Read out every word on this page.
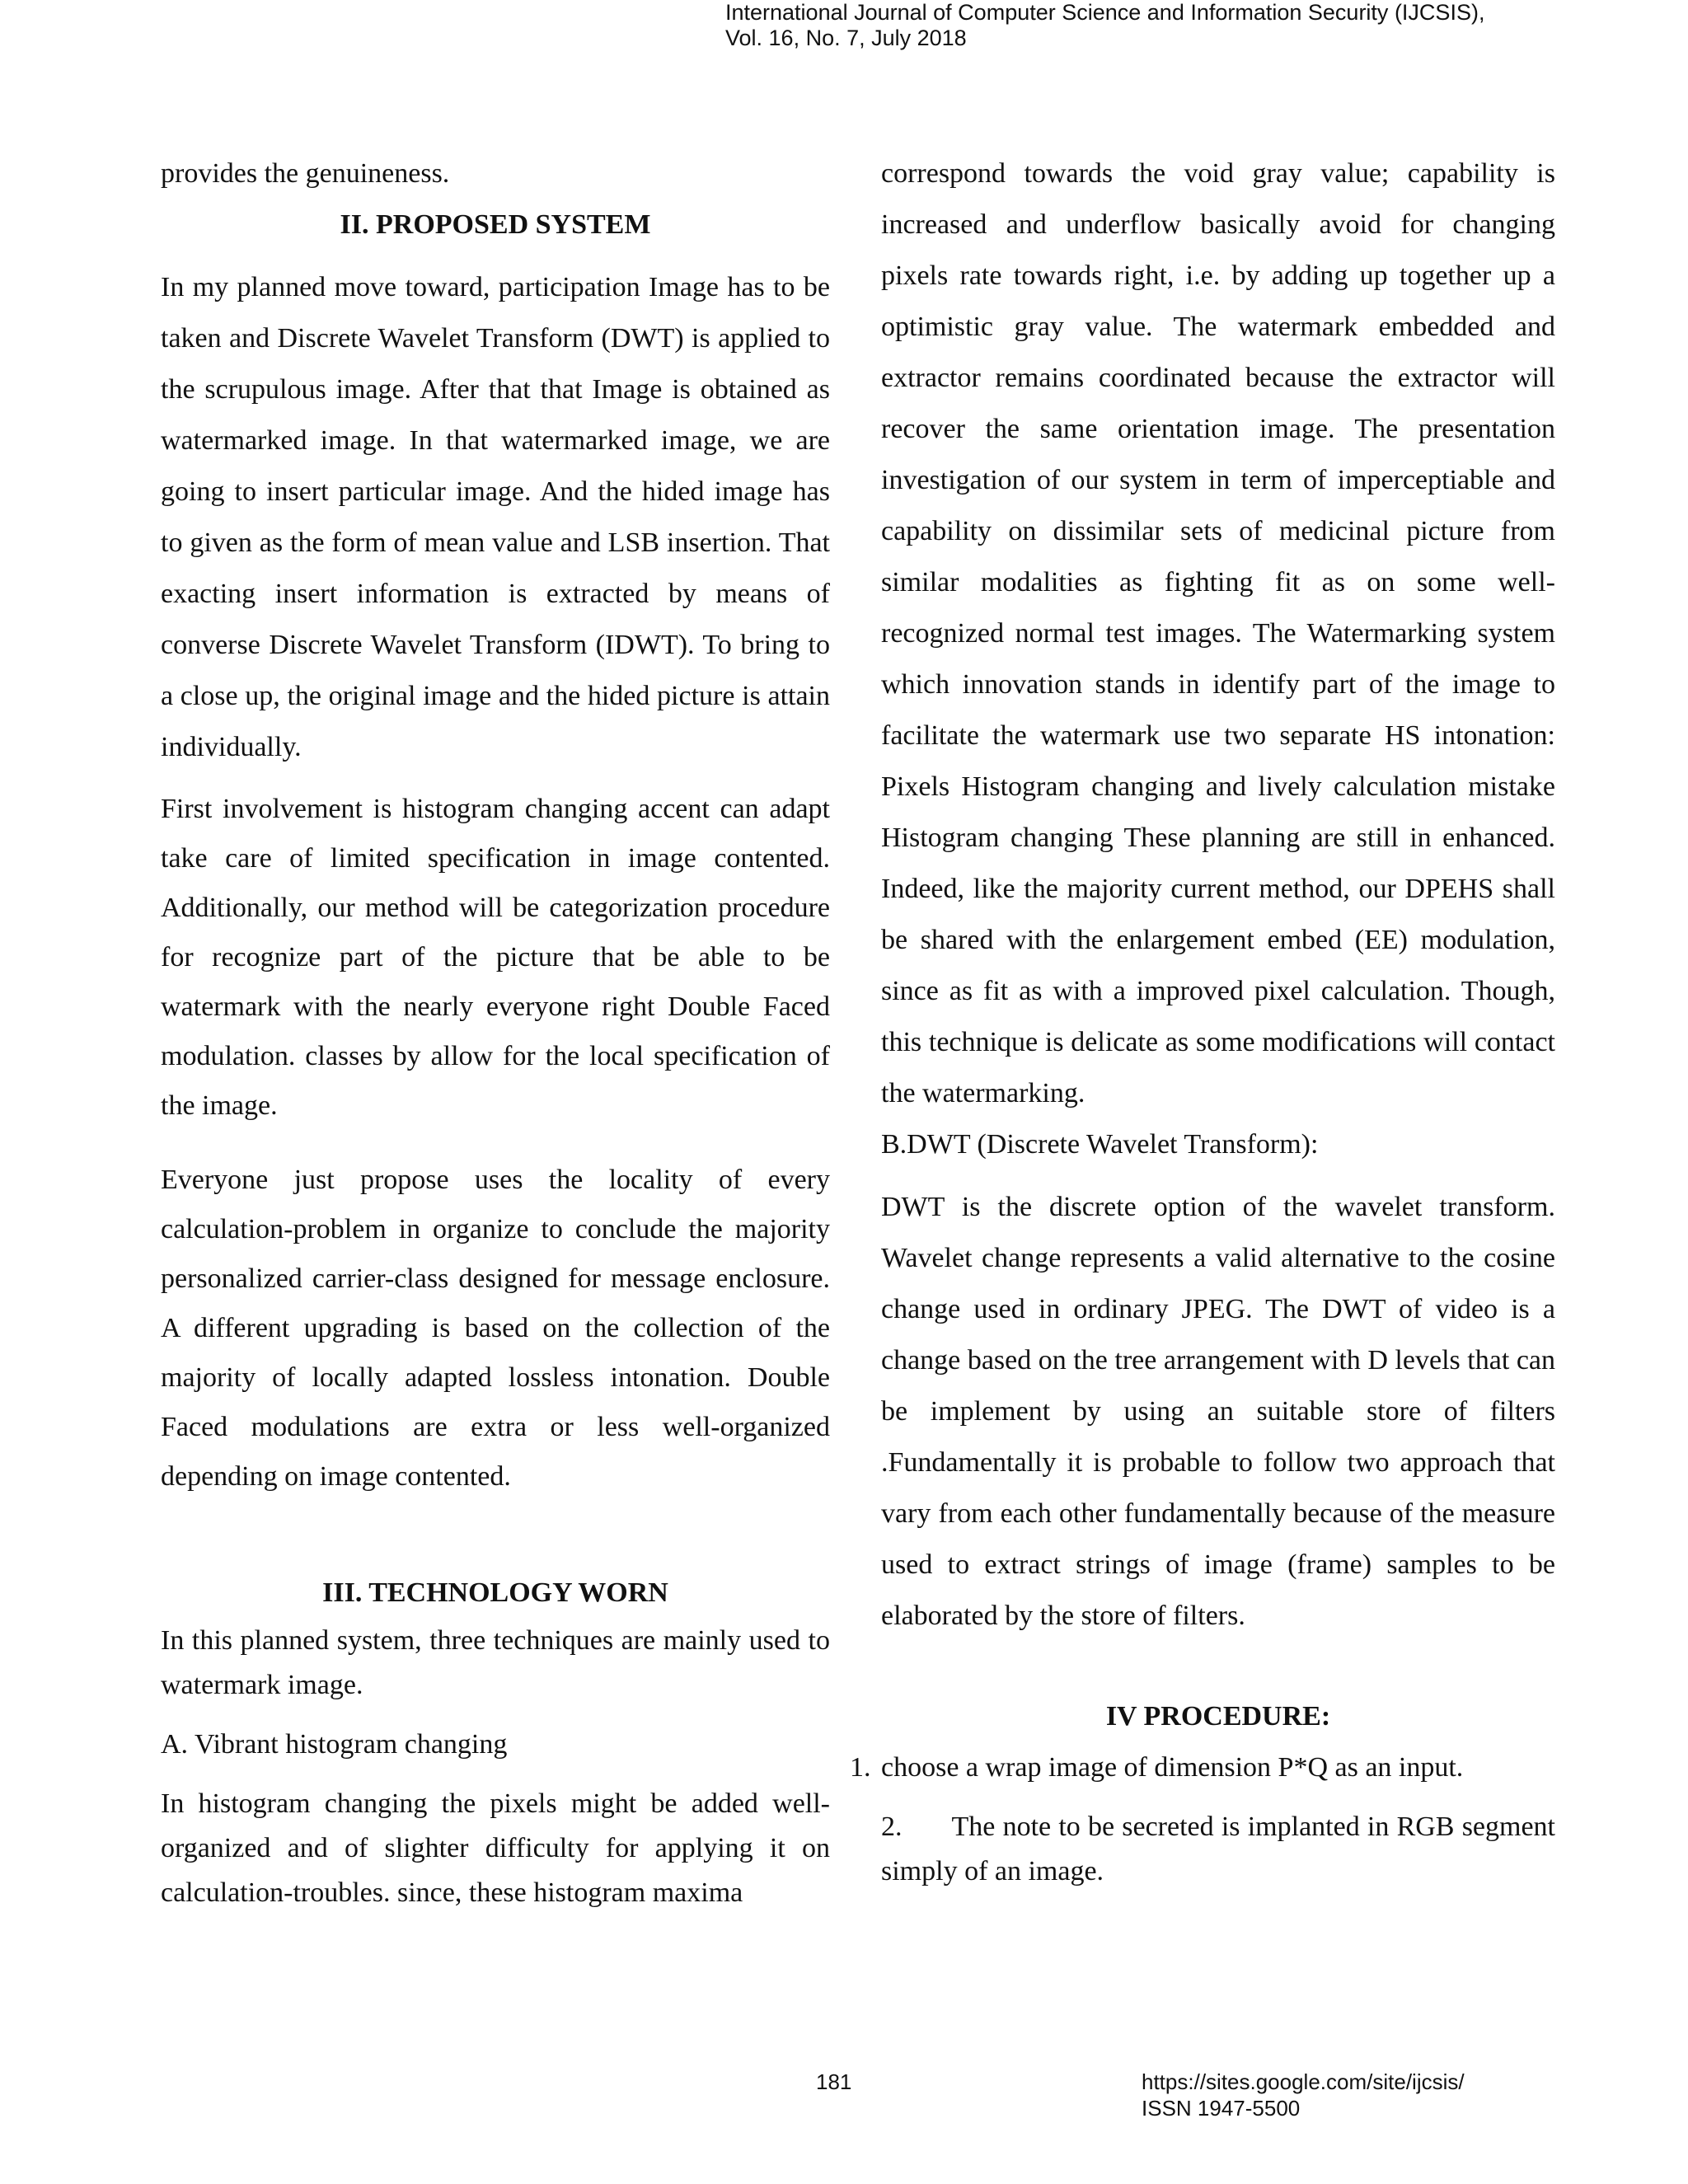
International Journal of Computer Science and Information Security (IJCSIS),
Vol. 16, No. 7, July 2018

provides the genuineness.

II. PROPOSED SYSTEM

In my planned move toward, participation Image has to be taken and Discrete Wavelet Transform (DWT) is applied to the scrupulous image. After that that Image is obtained as watermarked image. In that watermarked image, we are going to insert particular image. And the hided image has to given as the form of mean value and LSB insertion. That exacting insert information is extracted by means of converse Discrete Wavelet Transform (IDWT). To bring to a close up, the original image and the hided picture is attain individually.

First involvement is histogram changing accent can adapt take care of limited specification in image contented. Additionally, our method will be categorization procedure for recognize part of the picture that be able to be watermark with the nearly everyone right Double Faced modulation. classes by allow for the local specification of the image.

Everyone just propose uses the locality of every calculation-problem in organize to conclude the majority personalized carrier-class designed for message enclosure. A different upgrading is based on the collection of the majority of locally adapted lossless intonation. Double Faced modulations are extra or less well-organized depending on image contented.

III. TECHNOLOGY WORN

In this planned system, three techniques are mainly used to watermark image.

A. Vibrant histogram changing

In histogram changing the pixels might be added well-organized and of slighter difficulty for applying it on calculation-troubles. since, these histogram maxima

correspond towards the void gray value; capability is increased and underflow basically avoid for changing pixels rate towards right, i.e. by adding up together up a optimistic gray value. The watermark embedded and extractor remains coordinated because the extractor will recover the same orientation image. The presentation investigation of our system in term of imperceptiable and capability on dissimilar sets of medicinal picture from similar modalities as fighting fit as on some well-recognized normal test images. The Watermarking system which innovation stands in identify part of the image to facilitate the watermark use two separate HS intonation: Pixels Histogram changing and lively calculation mistake Histogram changing These planning are still in enhanced. Indeed, like the majority current method, our DPEHS shall be shared with the enlargement embed (EE) modulation, since as fit as with a improved pixel calculation. Though, this technique is delicate as some modifications will contact the watermarking.

B.DWT (Discrete Wavelet Transform):

DWT is the discrete option of the wavelet transform. Wavelet change represents a valid alternative to the cosine change used in ordinary JPEG. The DWT of video is a change based on the tree arrangement with D levels that can be implement by using an suitable store of filters .Fundamentally it is probable to follow two approach that vary from each other fundamentally because of the measure used to extract strings of image (frame) samples to be elaborated by the store of filters.

IV PROCEDURE:
1. choose a wrap image of dimension P*Q as an input.

2. The note to be secreted is implanted in RGB segment simply of an image.

181	https://sites.google.com/site/ijcsis/
ISSN 1947-5500
